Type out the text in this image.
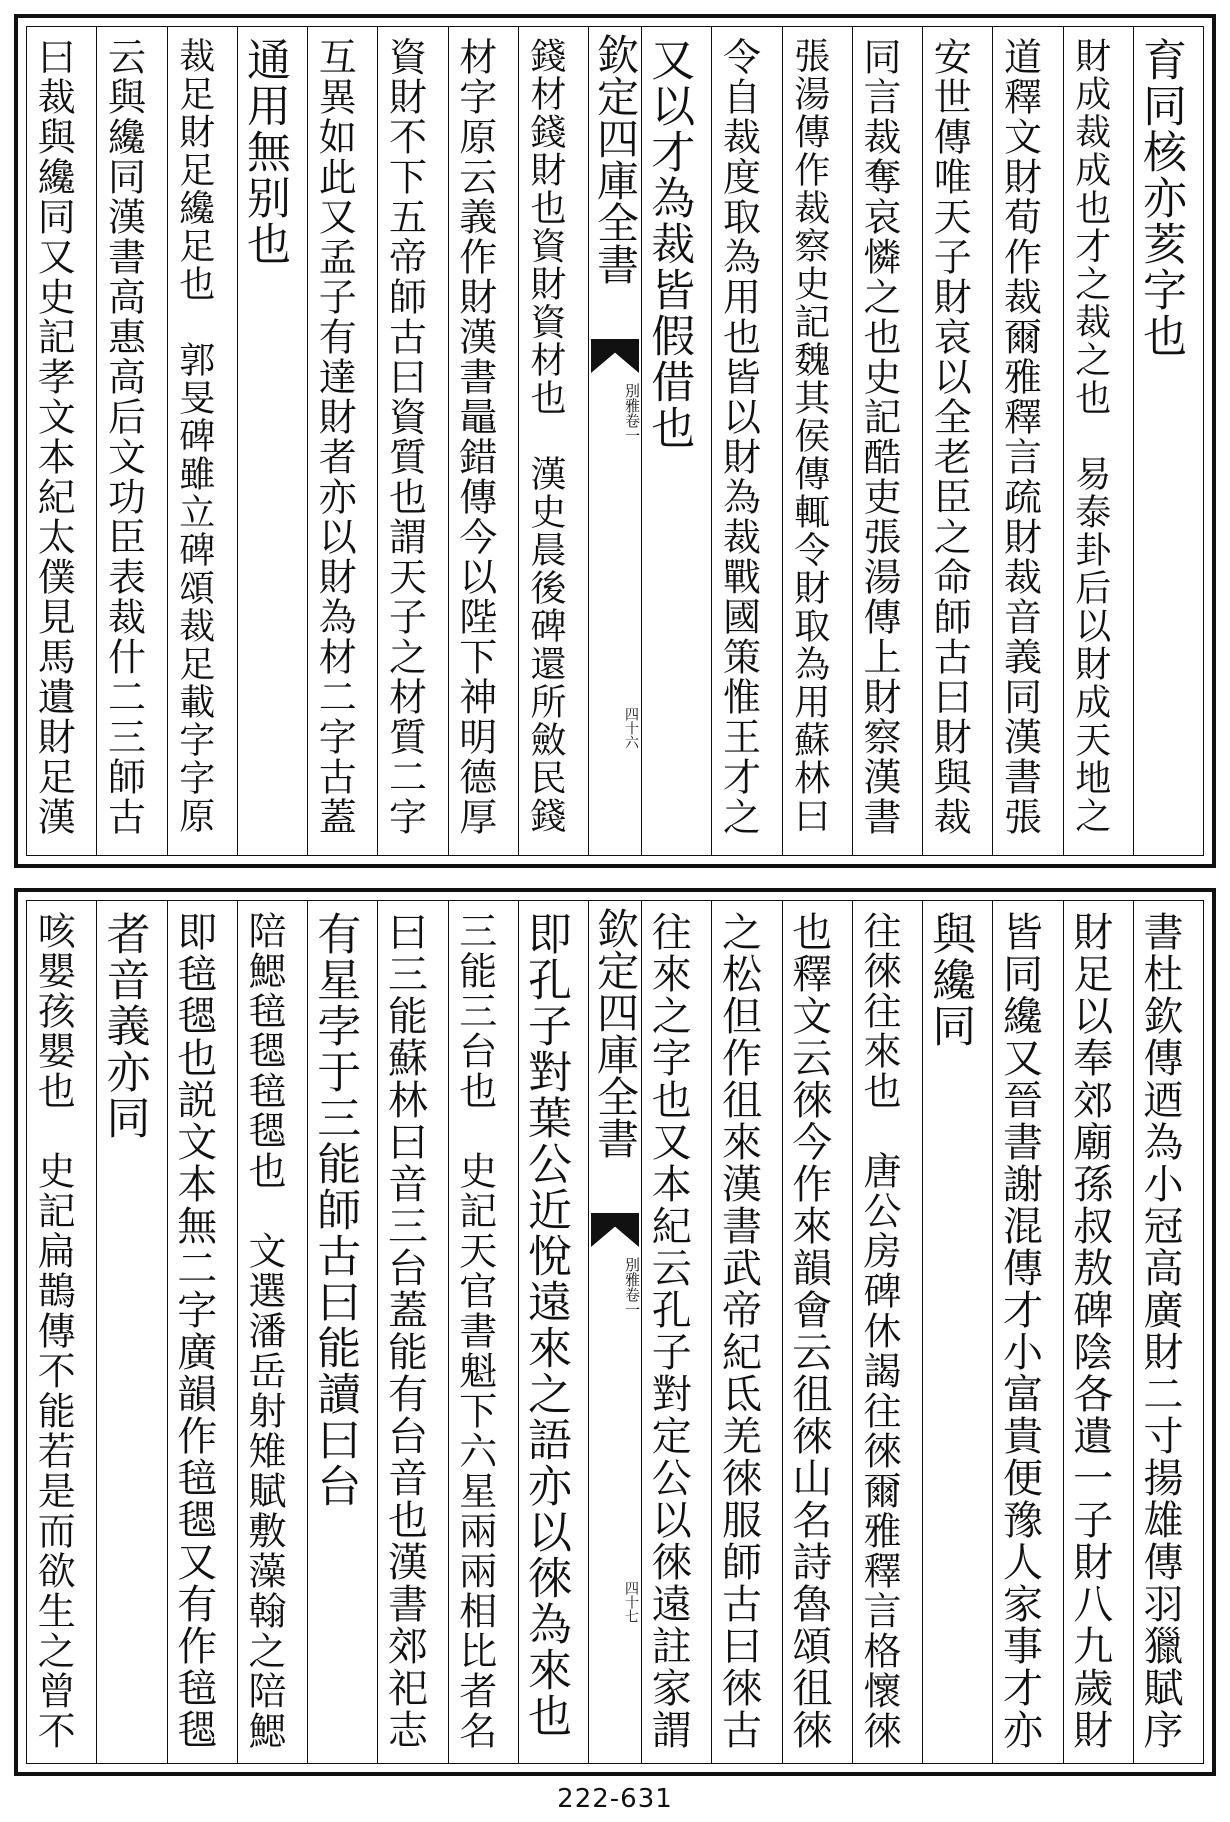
育同核亦荄字也
財成裁成也才之裁之也　易泰卦后以財成天地之
道釋文財荀作裁爾雅釋言疏財裁音義同漢書張
安世傳唯天子財哀以全老臣之命師古曰財與裁
同言裁奪哀憐之也史記酷吏張湯傳上財察漢書
張湯傳作裁察史記魏其侯傳輒令財取為用蘇林曰
令自裁度取為用也皆以財為裁戰國策惟王才之
又以才為裁皆假借也
欽定四庫全書
別雅
卷一
四十六
錢材錢財也資財資材也　漢史晨後碑還所斂民錢
材字原云義作財漢書鼂錯傳今以陛下神明德厚
資財不下五帝師古曰資質也謂天子之材質二字
互異如此又孟子有達財者亦以財為材二字古蓋
通用無别也
裁足財足纔足也　郭旻碑雖立碑頌裁足載字字原
云與纔同漢書高惠高后文功臣表裁什二三師古
曰裁與纔同又史記孝文本紀太僕見馬遺財足漢
書杜欽傳迺為小冠高廣財二寸揚雄傳羽獵賦序
財足以奉郊廟孫叔敖碑陰各遺一子財八九歲財
皆同纔又晉書謝混傳才小富貴便豫人家事才亦
與纔同
往徠往來也　唐公房碑休謁往徠爾雅釋言格懷徠
也釋文云徠今作來韻會云徂徠山名詩魯頌徂徠
之松但作徂來漢書武帝紀氐羌徠服師古曰徠古
往來之字也又本紀云孔子對定公以徠遠註家謂
欽定四庫全書
別雅
卷一
四十七
即孔子對葉公近悅遠來之語亦以徠為來也
三能三台也　史記天官書魁下六星兩兩相比者名
曰三能蘇林曰音三台蓋能有台音也漢書郊祀志
有星孛于三能師古曰能讀曰台
陪鰓毰毸毰毸也　文選潘岳射雉賦敷藻翰之陪鰓
即毰毸也説文本無二字廣韻作毰毸又有作毰毸
者音義亦同
咳嬰孩嬰也　史記扁鵲傳不能若是而欲生之曾不
222-631
